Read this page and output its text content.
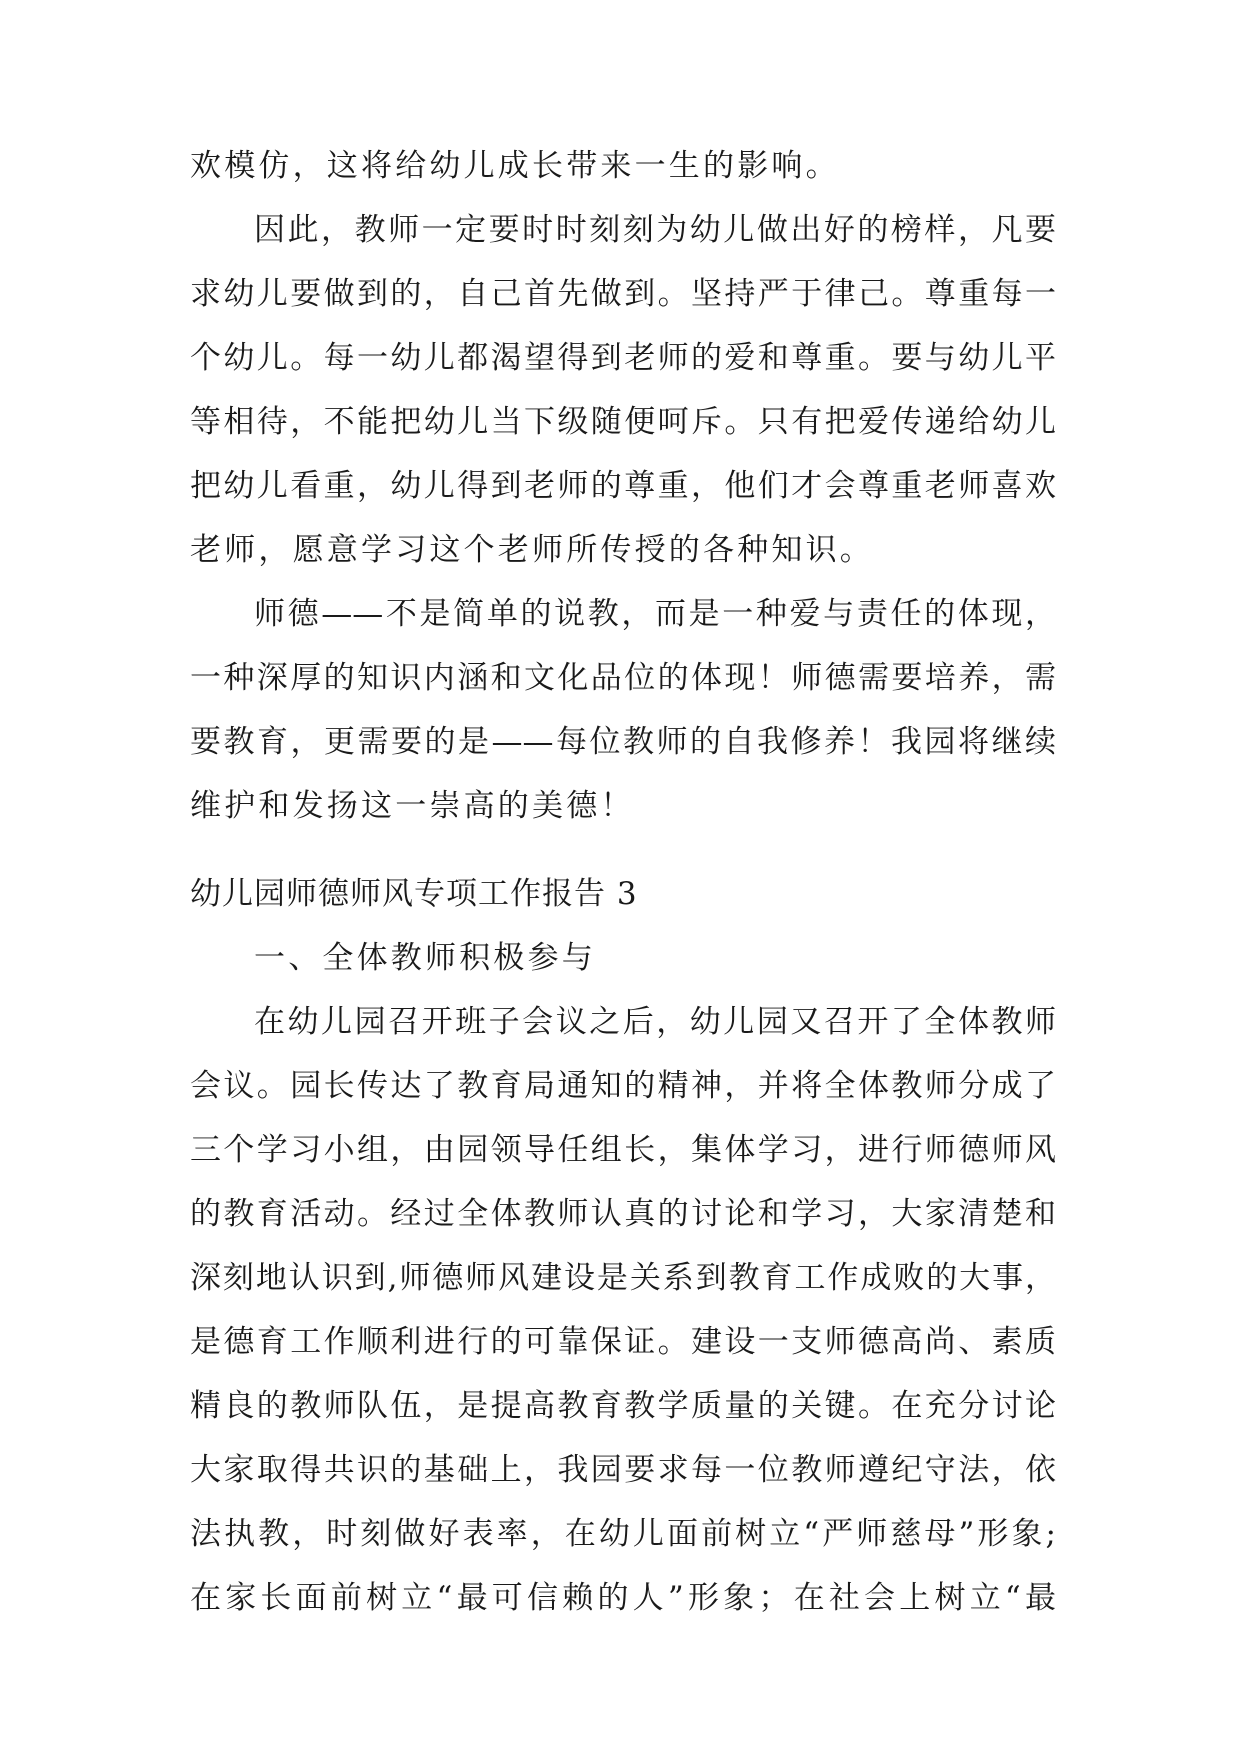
欢模仿，这将给幼儿成长带来一生的影响。
因此，教师一定要时时刻刻为幼儿做出好的榜样，凡要
求幼儿要做到的，自己首先做到。坚持严于律己。尊重每一
个幼儿。每一幼儿都渴望得到老师的爱和尊重。要与幼儿平
等相待，不能把幼儿当下级随便呵斥。只有把爱传递给幼儿
把幼儿看重，幼儿得到老师的尊重，他们才会尊重老师喜欢
老师，愿意学习这个老师所传授的各种知识。
师德——不是简单的说教，而是一种爱与责任的体现，
一种深厚的知识内涵和文化品位的体现！师德需要培养，需
要教育，更需要的是——每位教师的自我修养！我园将继续
维护和发扬这一崇高的美德！
幼儿园师德师风专项工作报告 3
一、全体教师积极参与
在幼儿园召开班子会议之后，幼儿园又召开了全体教师
会议。园长传达了教育局通知的精神，并将全体教师分成了
三个学习小组，由园领导任组长，集体学习，进行师德师风
的教育活动。经过全体教师认真的讨论和学习，大家清楚和
深刻地认识到,师德师风建设是关系到教育工作成败的大事，
是德育工作顺利进行的可靠保证。建设一支师德高尚、素质
精良的教师队伍，是提高教育教学质量的关键。在充分讨论
大家取得共识的基础上，我园要求每一位教师遵纪守法，依
法执教，时刻做好表率，在幼儿面前树立“严师慈母”形象;
在家长面前树立“最可信赖的人”形象；在社会上树立“最
